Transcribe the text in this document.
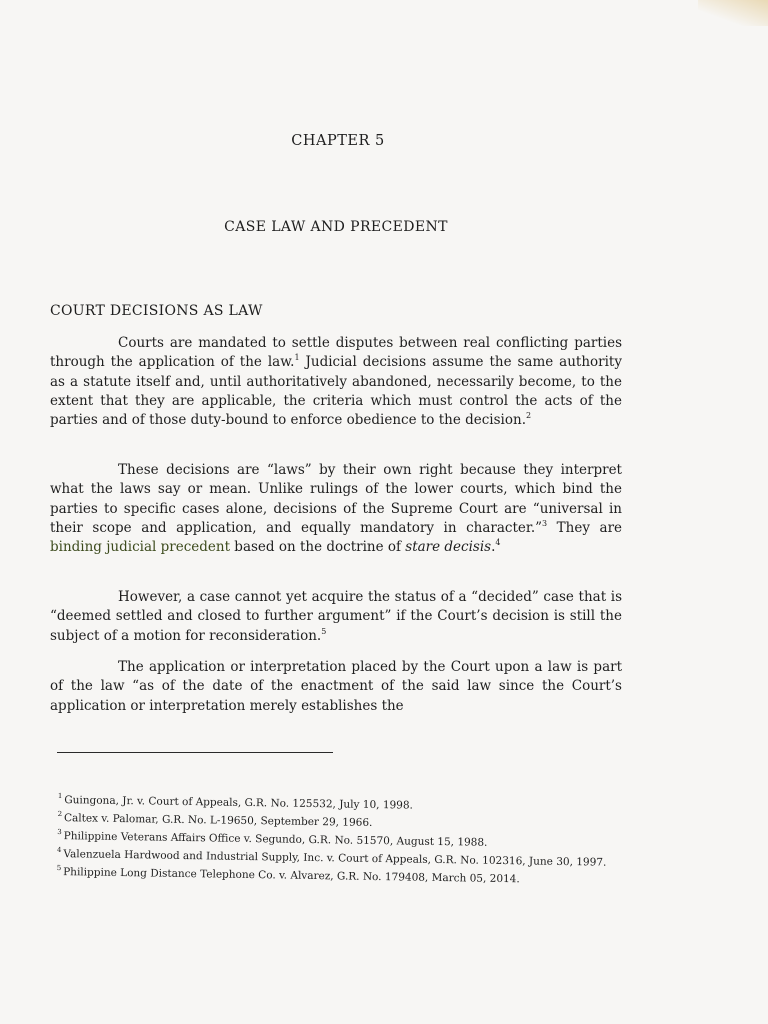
CHAPTER 5
CASE LAW AND PRECEDENT
COURT DECISIONS AS LAW

Courts are mandated to settle disputes between real conflicting parties through the application of the law.$^1$ Judicial decisions assume the same authority as a statute itself and, until authoritatively abandoned, necessarily become, to the extent that they are applicable, the criteria which must control the acts of the parties and of those duty-bound to enforce obedience to the decision.$^2$

These decisions are “laws” by their own right because they interpret what the laws say or mean. Unlike rulings of the lower courts, which bind the parties to specific cases alone, decisions of the Supreme Court are “universal in their scope and application, and equally mandatory in character.”$^3$ They are binding judicial precedent based on the doctrine of stare decisis.$^4$

However, a case cannot yet acquire the status of a “decided” case that is “deemed settled and closed to further argument” if the Court’s decision is still the subject of a motion for reconsideration.$^5$

The application or interpretation placed by the Court upon a law is part of the law “as of the date of the enactment of the said law since the Court’s application or interpretation merely establishes the

$^1$ Guingona, Jr. v. Court of Appeals, G.R. No. 125532, July 10, 1998.

$^2$ Caltex v. Palomar, G.R. No. L-19650, September 29, 1966.

$^3$ Philippine Veterans Affairs Office v. Segundo, G.R. No. 51570, August 15, 1988.

$^4$ Valenzuela Hardwood and Industrial Supply, Inc. v. Court of Appeals, G.R. No. 102316, June 30, 1997.

$^5$ Philippine Long Distance Telephone Co. v. Alvarez, G.R. No. 179408, March 05, 2014.
